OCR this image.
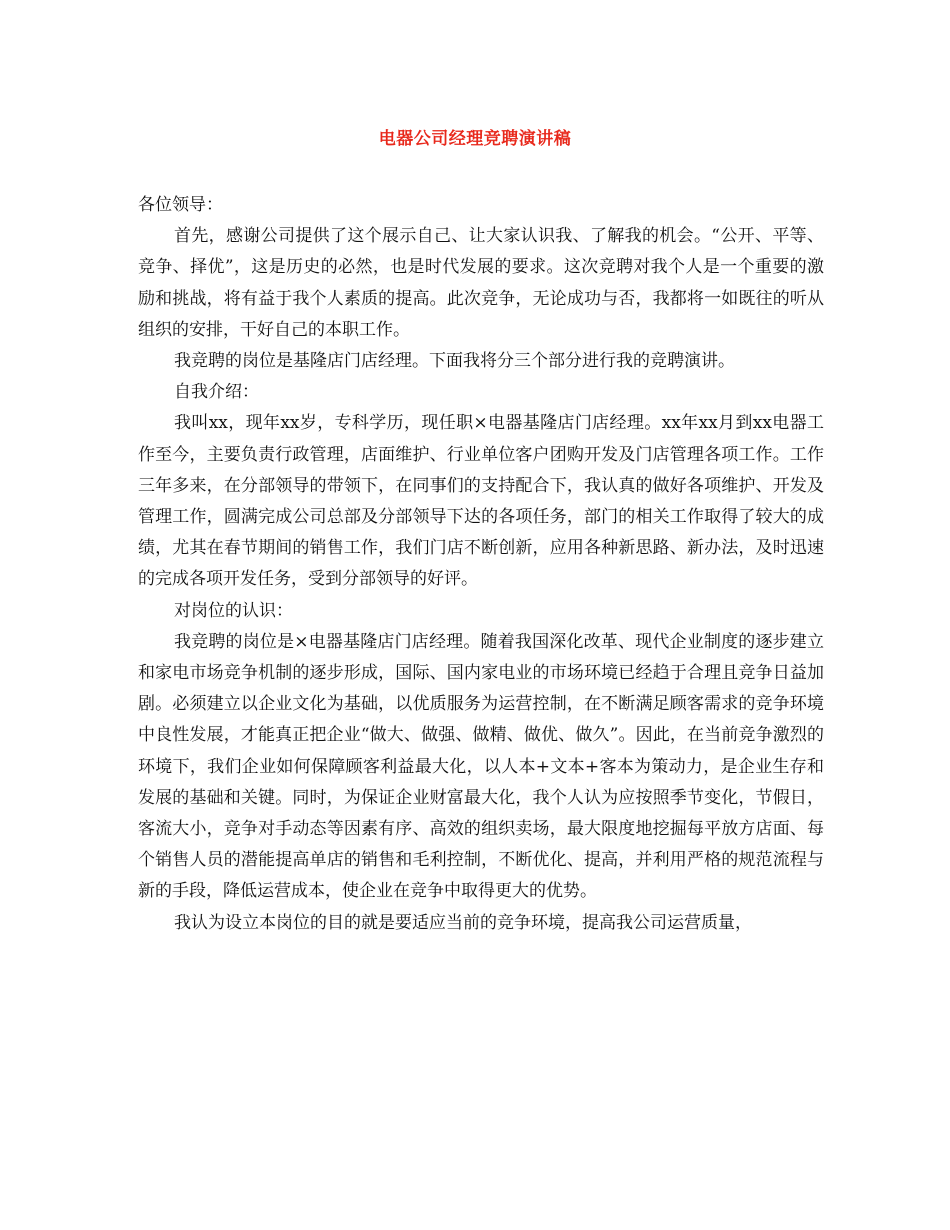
电器公司经理竞聘演讲稿

各位领导：

首先，感谢公司提供了这个展示自己、让大家认识我、了解我的机会。“公开、平等、竞争、择优”，这是历史的必然，也是时代发展的要求。这次竞聘对我个人是一个重要的激励和挑战，将有益于我个人素质的提高。此次竞争，无论成功与否，我都将一如既往的听从组织的安排，干好自己的本职工作。

我竞聘的岗位是基隆店门店经理。下面我将分三个部分进行我的竞聘演讲。

自我介绍：

我叫xx，现年xx岁，专科学历，现任职×电器基隆店门店经理。xx年xx月到xx电器工作至今，主要负责行政管理，店面维护、行业单位客户团购开发及门店管理各项工作。工作三年多来，在分部领导的带领下，在同事们的支持配合下，我认真的做好各项维护、开发及管理工作，圆满完成公司总部及分部领导下达的各项任务，部门的相关工作取得了较大的成绩，尤其在春节期间的销售工作，我们门店不断创新，应用各种新思路、新办法，及时迅速的完成各项开发任务，受到分部领导的好评。

对岗位的认识：

我竞聘的岗位是×电器基隆店门店经理。随着我国深化改革、现代企业制度的逐步建立和家电市场竞争机制的逐步形成，国际、国内家电业的市场环境已经趋于合理且竞争日益加剧。必须建立以企业文化为基础，以优质服务为运营控制，在不断满足顾客需求的竞争环境中良性发展，才能真正把企业“做大、做强、做精、做优、做久”。因此，在当前竞争激烈的环境下，我们企业如何保障顾客利益最大化，以人本+文本+客本为策动力，是企业生存和发展的基础和关键。同时，为保证企业财富最大化，我个人认为应按照季节变化，节假日，客流大小，竞争对手动态等因素有序、高效的组织卖场，最大限度地挖掘每平放方店面、每个销售人员的潜能提高单店的销售和毛利控制，不断优化、提高，并利用严格的规范流程与新的手段，降低运营成本，使企业在竞争中取得更大的优势。

我认为设立本岗位的目的就是要适应当前的竞争环境，提高我公司运营质量，
